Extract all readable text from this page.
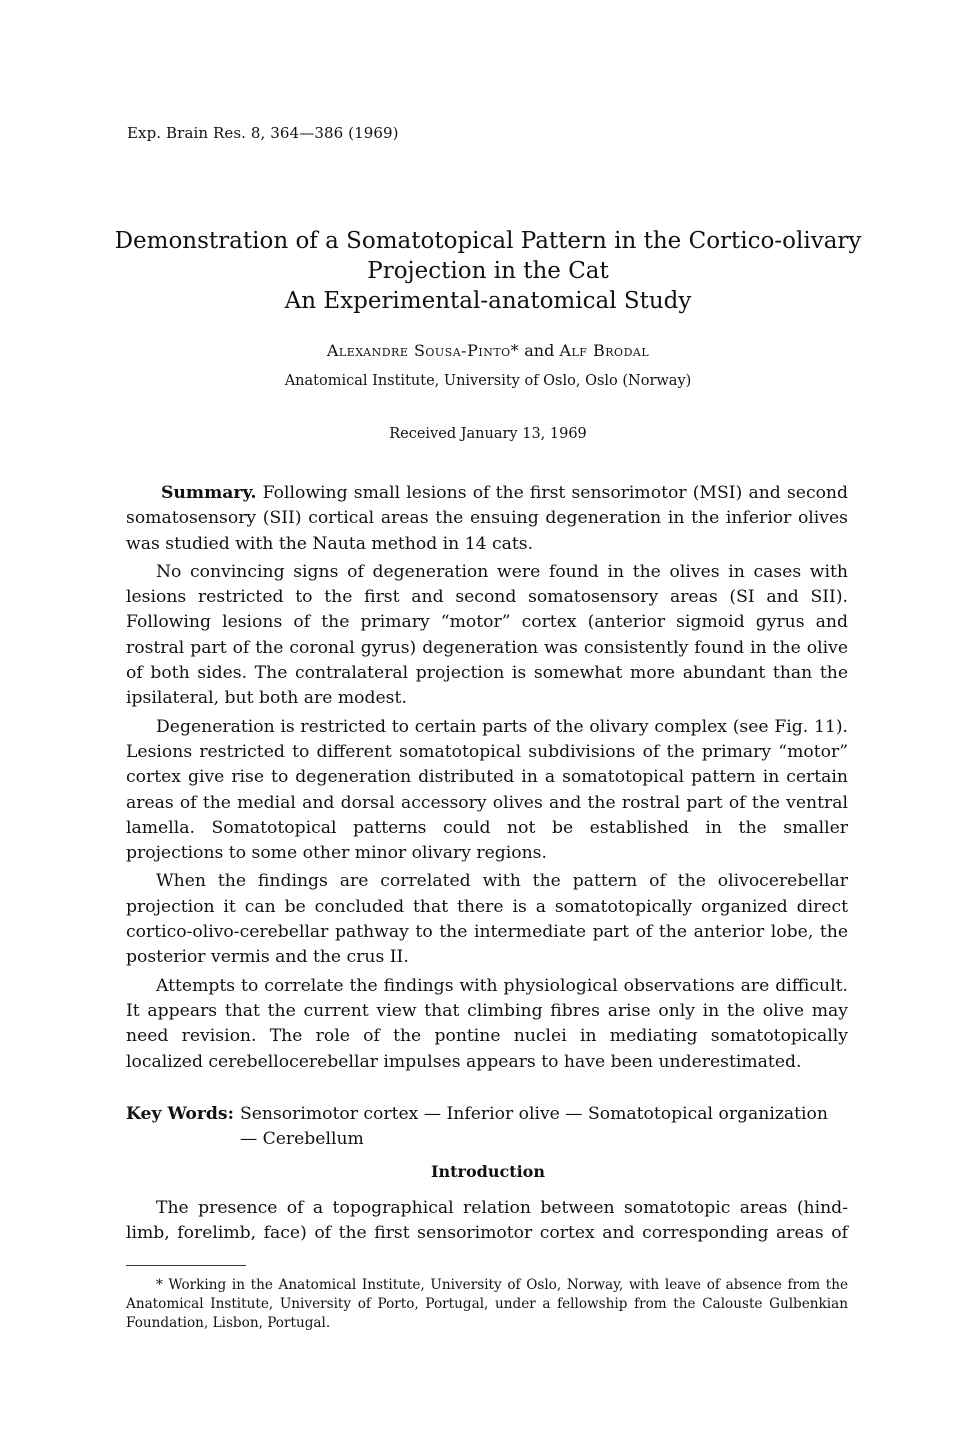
Exp. Brain Res. 8, 364—386 (1969)
Demonstration of a Somatotopical Pattern in the Cortico-olivary
Projection in the Cat
An Experimental-anatomical Study
Alexandre Sousa-Pinto* and Alf Brodal
Anatomical Institute, University of Oslo, Oslo (Norway)
Received January 13, 1969

Summary. Following small lesions of the first sensorimotor (MSI) and second somatosensory (SII) cortical areas the ensuing degeneration in the inferior olives was studied with the Nauta method in 14 cats.

No convincing signs of degeneration were found in the olives in cases with lesions restricted to the first and second somatosensory areas (SI and SII). Following lesions of the primary “motor” cortex (anterior sigmoid gyrus and rostral part of the coronal gyrus) degeneration was consistently found in the olive of both sides. The contralateral projection is somewhat more abundant than the ipsilateral, but both are modest.

Degeneration is restricted to certain parts of the olivary complex (see Fig. 11). Lesions restricted to different somatotopical subdivisions of the primary “motor” cortex give rise to degeneration distributed in a somatotopical pattern in certain areas of the medial and dorsal accessory olives and the rostral part of the ventral lamella. Somatotopical patterns could not be established in the smaller projections to some other minor olivary regions.

When the findings are correlated with the pattern of the olivocerebellar projection it can be concluded that there is a somatotopically organized direct cortico-olivo-cerebellar pathway to the intermediate part of the anterior lobe, the posterior vermis and the crus II.

Attempts to correlate the findings with physiological observations are difficult. It appears that the current view that climbing fibres arise only in the olive may need revision. The role of the pontine nuclei in mediating somatotopically localized cerebellocerebellar impulses appears to have been underestimated.

Key Words: Sensorimotor cortex — Inferior olive — Somatotopical organization
— Cerebellum
Introduction

The presence of a topographical relation between somatotopic areas (hind-limb, forelimb, face) of the first sensorimotor cortex and corresponding areas of

* Working in the Anatomical Institute, University of Oslo, Norway, with leave of absence from the Anatomical Institute, University of Porto, Portugal, under a fellowship from the Calouste Gulbenkian Foundation, Lisbon, Portugal.
